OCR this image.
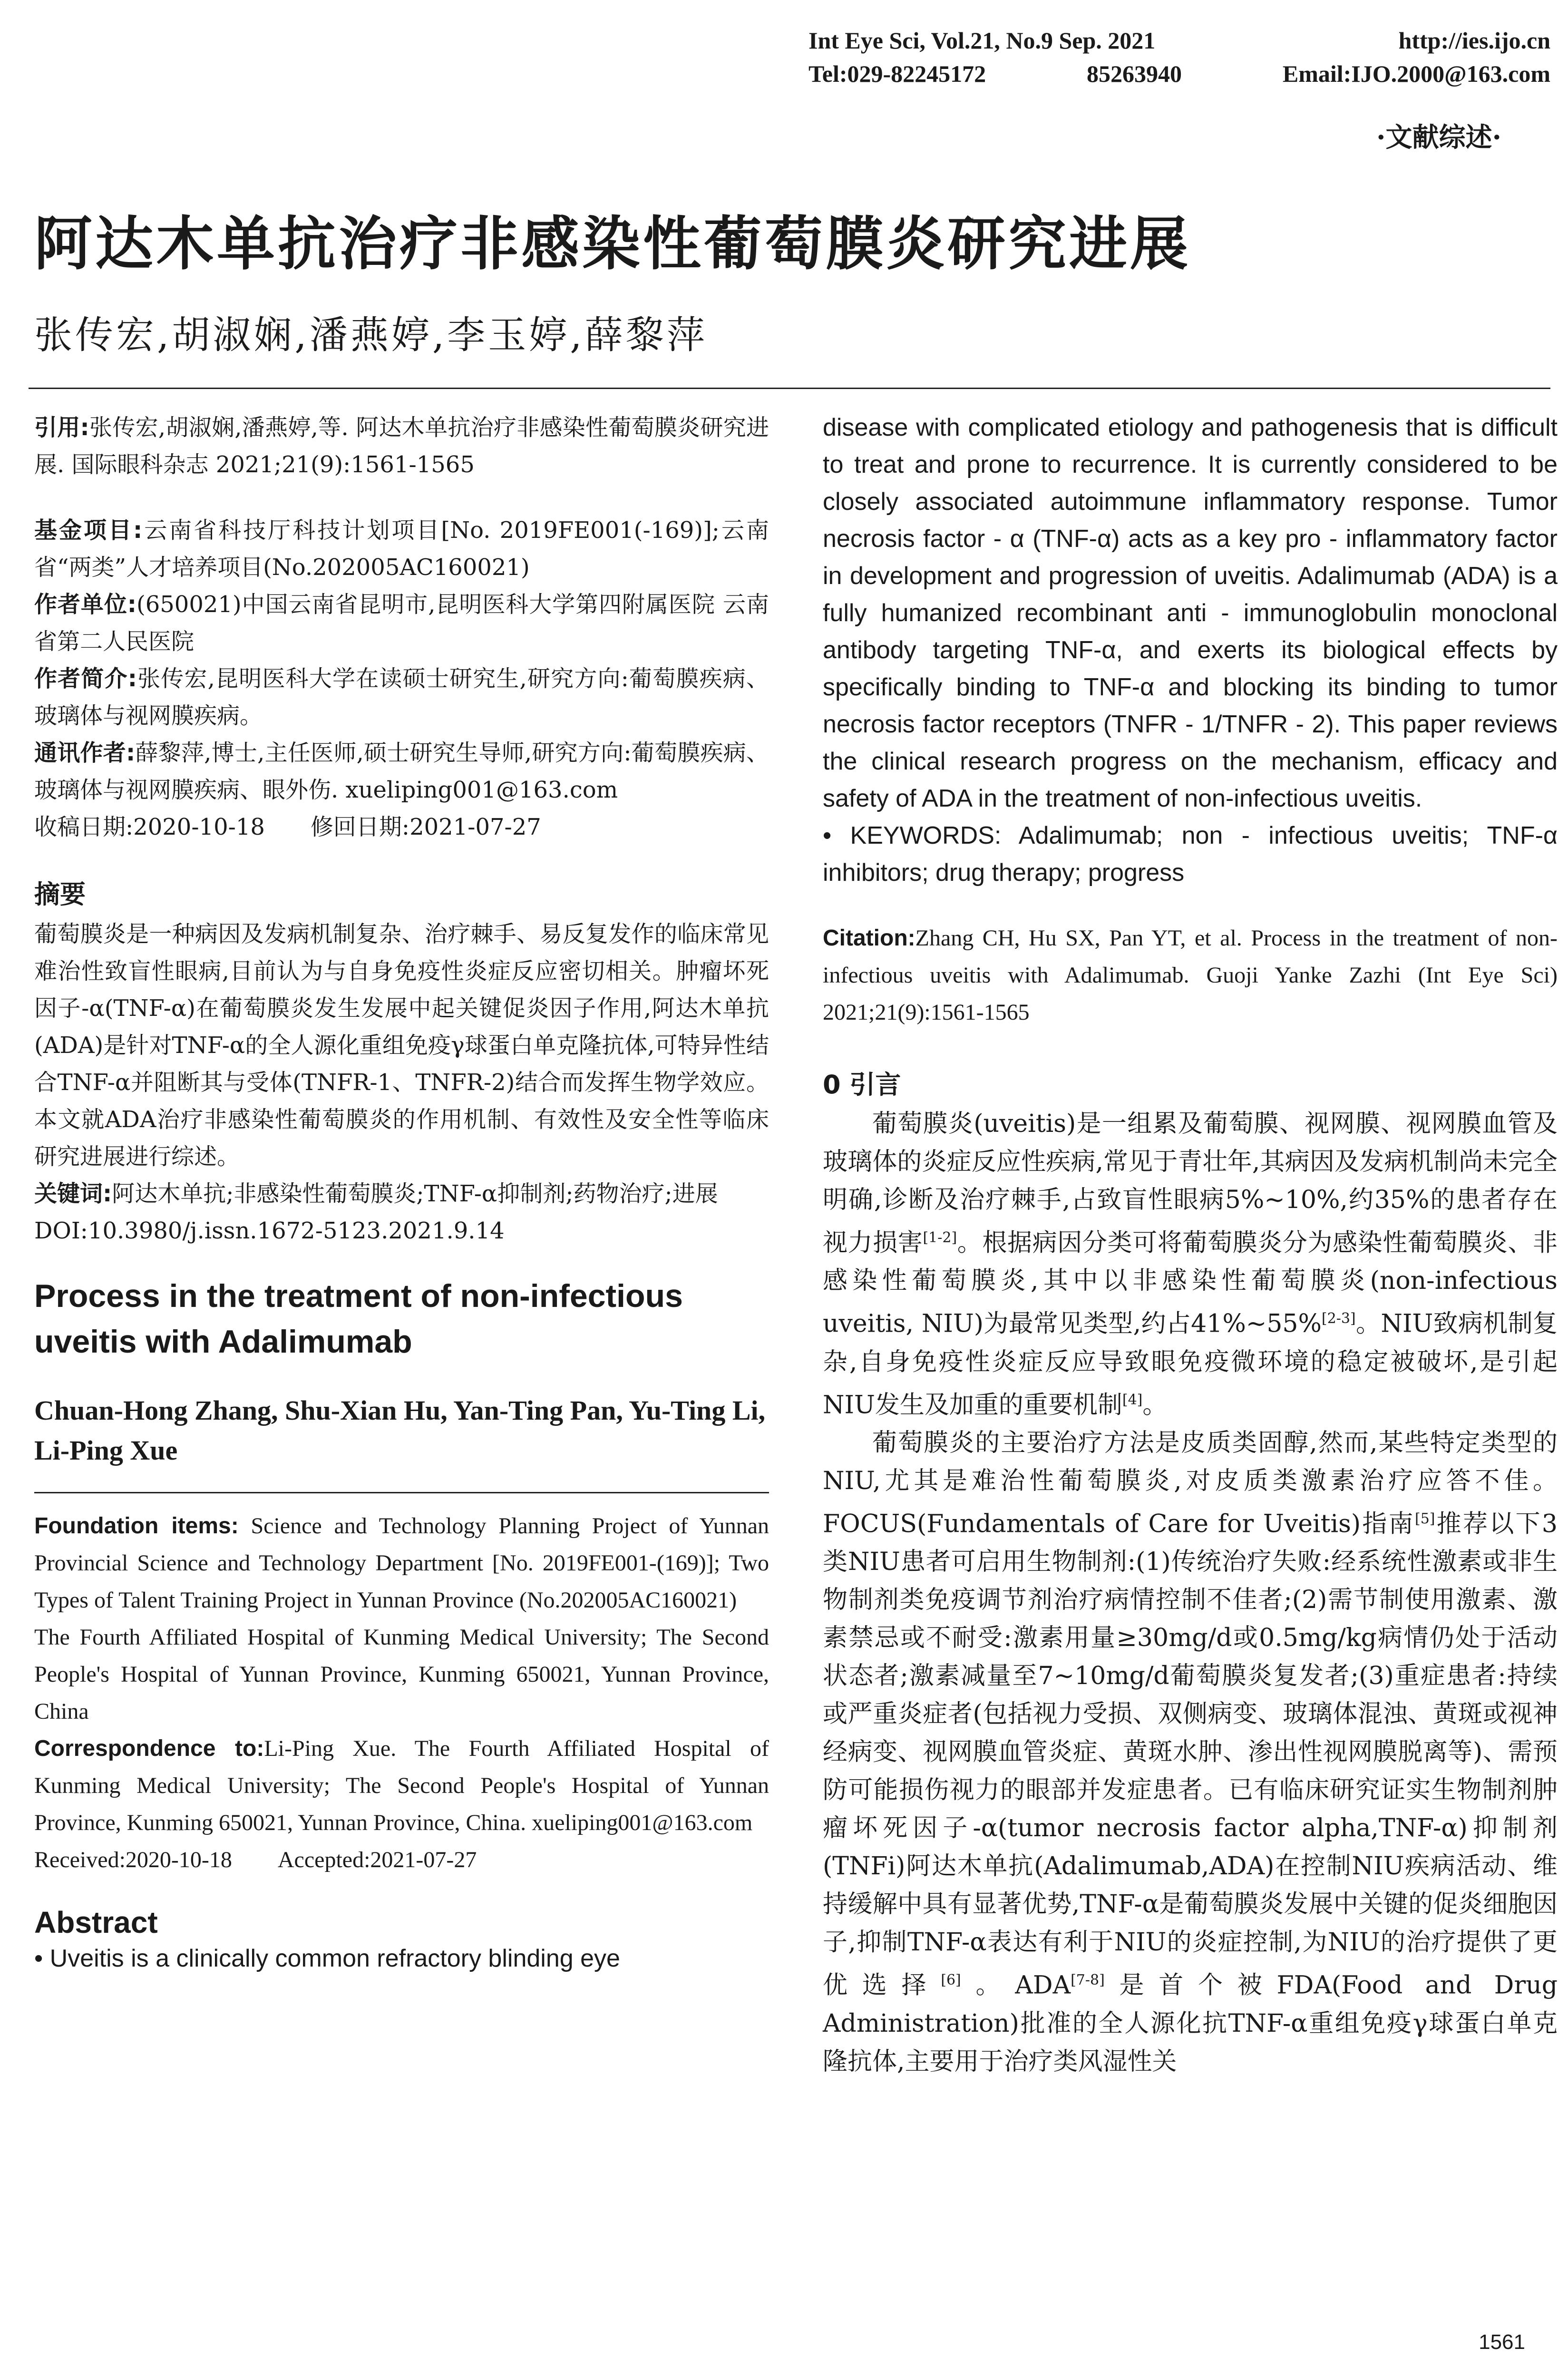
Int Eye Sci, Vol.21, No.9 Sep. 2021	http://ies.ijo.cn
Tel:029-82245172	85263940	Email:IJO.2000@163.com
·文献综述·
阿达木单抗治疗非感染性葡萄膜炎研究进展
张传宏,胡淑娴,潘燕婷,李玉婷,薛黎萍
引用:张传宏,胡淑娴,潘燕婷,等. 阿达木单抗治疗非感染性葡萄膜炎研究进展. 国际眼科杂志 2021;21(9):1561-1565
基金项目:云南省科技厅科技计划项目[No. 2019FE001(-169)];云南省“两类”人才培养项目(No.202005AC160021)
作者单位:(650021)中国云南省昆明市,昆明医科大学第四附属医院 云南省第二人民医院
作者简介:张传宏,昆明医科大学在读硕士研究生,研究方向:葡萄膜疾病、玻璃体与视网膜疾病。
通讯作者:薛黎萍,博士,主任医师,硕士研究生导师,研究方向:葡萄膜疾病、玻璃体与视网膜疾病、眼外伤. xueliping001@163.com
收稿日期:2020-10-18　　修回日期:2021-07-27
摘要
葡萄膜炎是一种病因及发病机制复杂、治疗棘手、易反复发作的临床常见难治性致盲性眼病,目前认为与自身免疫性炎症反应密切相关。肿瘤坏死因子-α(TNF-α)在葡萄膜炎发生发展中起关键促炎因子作用,阿达木单抗(ADA)是针对TNF-α的全人源化重组免疫γ球蛋白单克隆抗体,可特异性结合TNF-α并阻断其与受体(TNFR-1、TNFR-2)结合而发挥生物学效应。本文就ADA治疗非感染性葡萄膜炎的作用机制、有效性及安全性等临床研究进展进行综述。
关键词:阿达木单抗;非感染性葡萄膜炎;TNF-α抑制剂;药物治疗;进展
DOI:10.3980/j.issn.1672-5123.2021.9.14
Process in the treatment of non-infectious uveitis with Adalimumab
Chuan-Hong Zhang, Shu-Xian Hu, Yan-Ting Pan, Yu-Ting Li, Li-Ping Xue
Foundation items: Science and Technology Planning Project of Yunnan Provincial Science and Technology Department [No. 2019FE001-(169)]; Two Types of Talent Training Project in Yunnan Province (No.202005AC160021)
The Fourth Affiliated Hospital of Kunming Medical University; The Second People's Hospital of Yunnan Province, Kunming 650021, Yunnan Province, China
Correspondence to:Li-Ping Xue. The Fourth Affiliated Hospital of Kunming Medical University; The Second People's Hospital of Yunnan Province, Kunming 650021, Yunnan Province, China. xueliping001@163.com
Received:2020-10-18　　Accepted:2021-07-27
Abstract
• Uveitis is a clinically common refractory blinding eye
disease with complicated etiology and pathogenesis that is difficult to treat and prone to recurrence. It is currently considered to be closely associated autoimmune inflammatory response. Tumor necrosis factor - α (TNF-α) acts as a key pro - inflammatory factor in development and progression of uveitis. Adalimumab (ADA) is a fully humanized recombinant anti - immunoglobulin monoclonal antibody targeting TNF-α, and exerts its biological effects by specifically binding to TNF-α and blocking its binding to tumor necrosis factor receptors (TNFR - 1/TNFR - 2). This paper reviews the clinical research progress on the mechanism, efficacy and safety of ADA in the treatment of non-infectious uveitis.
• KEYWORDS: Adalimumab; non - infectious uveitis; TNF-α inhibitors; drug therapy; progress
Citation:Zhang CH, Hu SX, Pan YT, et al. Process in the treatment of non-infectious uveitis with Adalimumab. Guoji Yanke Zazhi (Int Eye Sci) 2021;21(9):1561-1565
0 引言

葡萄膜炎(uveitis)是一组累及葡萄膜、视网膜、视网膜血管及玻璃体的炎症反应性疾病,常见于青壮年,其病因及发病机制尚未完全明确,诊断及治疗棘手,占致盲性眼病5%~10%,约35%的患者存在视力损害[1-2]。根据病因分类可将葡萄膜炎分为感染性葡萄膜炎、非感染性葡萄膜炎,其中以非感染性葡萄膜炎(non-infectious uveitis, NIU)为最常见类型,约占41%~55%[2-3]。NIU致病机制复杂,自身免疫性炎症反应导致眼免疫微环境的稳定被破坏,是引起NIU发生及加重的重要机制[4]。

葡萄膜炎的主要治疗方法是皮质类固醇,然而,某些特定类型的NIU,尤其是难治性葡萄膜炎,对皮质类激素治疗应答不佳。FOCUS(Fundamentals of Care for Uveitis)指南[5]推荐以下3类NIU患者可启用生物制剂:(1)传统治疗失败:经系统性激素或非生物制剂类免疫调节剂治疗病情控制不佳者;(2)需节制使用激素、激素禁忌或不耐受:激素用量≥30mg/d或0.5mg/kg病情仍处于活动状态者;激素减量至7~10mg/d葡萄膜炎复发者;(3)重症患者:持续或严重炎症者(包括视力受损、双侧病变、玻璃体混浊、黄斑或视神经病变、视网膜血管炎症、黄斑水肿、渗出性视网膜脱离等)、需预防可能损伤视力的眼部并发症患者。已有临床研究证实生物制剂肿瘤坏死因子-α(tumor necrosis factor alpha,TNF-α)抑制剂(TNFi)阿达木单抗(Adalimumab,ADA)在控制NIU疾病活动、维持缓解中具有显著优势,TNF-α是葡萄膜炎发展中关键的促炎细胞因子,抑制TNF-α表达有利于NIU的炎症控制,为NIU的治疗提供了更优选择[6]。ADA[7-8]是首个被FDA(Food and Drug Administration)批准的全人源化抗TNF-α重组免疫γ球蛋白单克隆抗体,主要用于治疗类风湿性关

1561
